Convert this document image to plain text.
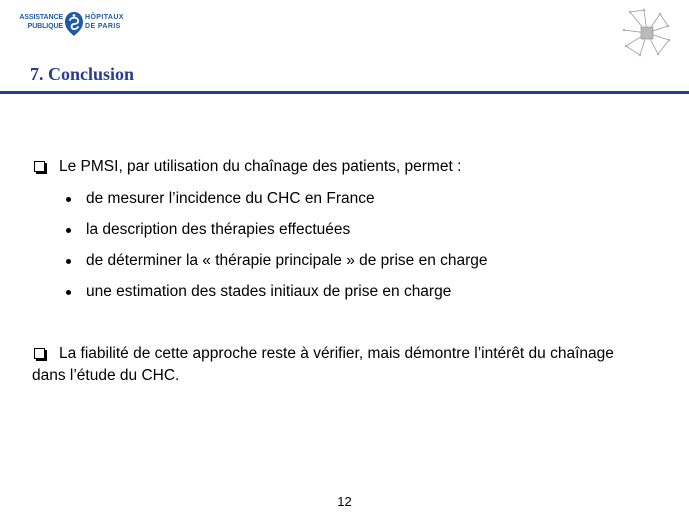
ASSISTANCE
PUBLIQUE
HÔPITAUX
DE PARIS
7. Conclusion
Le PMSI, par utilisation du chaînage des patients, permet :
de mesurer l’incidence du CHC en France
la description des thérapies effectuées
de déterminer la « thérapie principale » de prise en charge
une estimation des stades initiaux de prise en charge
La fiabilité de cette approche reste à vérifier, mais démontre l’intérêt du chaînage dans l’étude du CHC.
12
